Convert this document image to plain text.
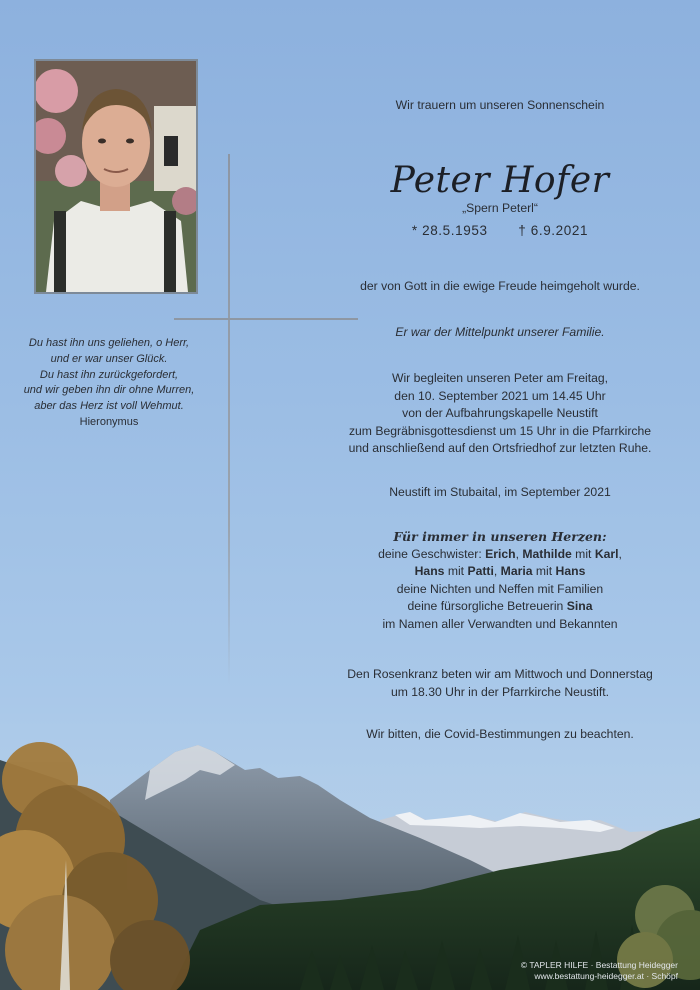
Du hast ihn uns geliehen, o Herr,
und er war unser Glück.
Du hast ihn zurückgefordert,
und wir geben ihn dir ohne Murren,
aber das Herz ist voll Wehmut.
Hieronymus
Wir trauern um unseren Sonnenschein
Peter Hofer
„Spern Peterl“
* 28.5.1953 † 6.9.2021
der von Gott in die ewige Freude heimgeholt wurde.
Er war der Mittelpunkt unserer Familie.
Wir begleiten unseren Peter am Freitag,
den 10. September 2021 um 14.45 Uhr
von der Aufbahrungskapelle Neustift
zum Begräbnisgottesdienst um 15 Uhr in die Pfarrkirche
und anschließend auf den Ortsfriedhof zur letzten Ruhe.
Neustift im Stubaital, im September 2021
Für immer in unseren Herzen:
deine Geschwister: Erich, Mathilde mit Karl,
Hans mit Patti, Maria mit Hans
deine Nichten und Neffen mit Familien
deine fürsorgliche Betreuerin Sina
im Namen aller Verwandten und Bekannten
Den Rosenkranz beten wir am Mittwoch und Donnerstag
um 18.30 Uhr in der Pfarrkirche Neustift.
Wir bitten, die Covid-Bestimmungen zu beachten.
© TAPLER HILFE · Bestattung Heidegger
www.bestattung-heidegger.at · Schöpf
